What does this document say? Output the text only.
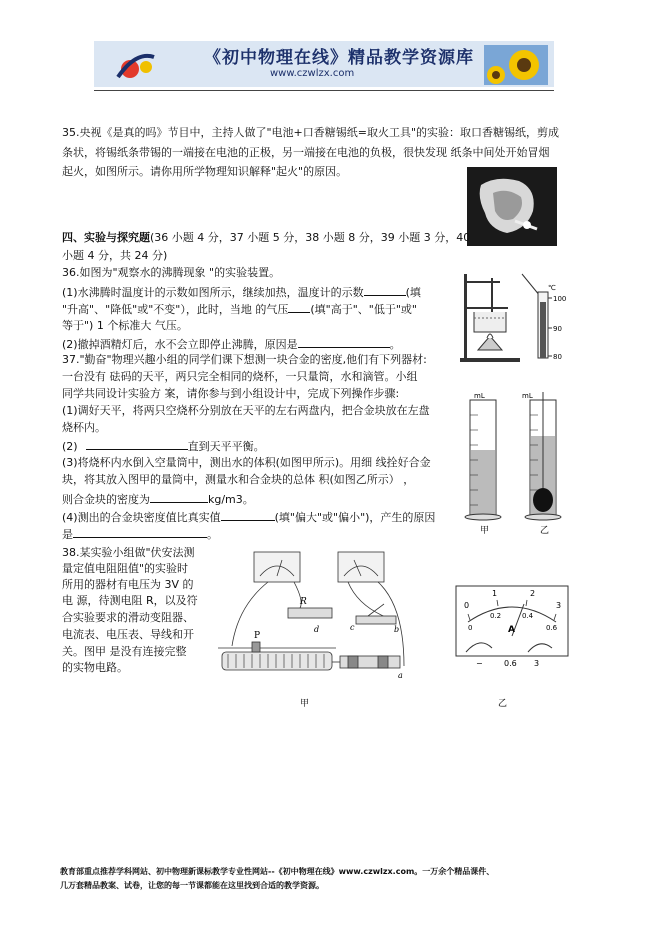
《初中物理在线》精品教学资源库
www.czwlzx.com
35.央视《是真的吗》节目中，主持人做了"电池+口香糖锡纸=取火工具"的实验：取口香糖锡纸，剪成
条状，将锡纸条带锡的一端接在电池的正极，另一端接在电池的负极，很快发现 纸条中间处开始冒烟
起火，如图所示。请你用所学物理知识解释"起火"的原因。
四、实验与探究题(36 小题 4 分，37 小题 5 分，38 小题 8 分，39 小题 3 分，40
小题 4 分，共 24 分)
36.如图为"观察水的沸腾现象 "的实验装置。
(1)水沸腾时温度计的示数如图所示，继续加热，温度计的示数	(填
"升高"、"降低"或"不变"），此时，当地 的气压 (填"高于"、"低于"或"
等于") 1 个标准大 气压。
(2)撤掉酒精灯后，水不会立即停止沸腾，原因是	。
100
90
80
℃
37."勤奋"物理兴趣小组的同学们课下想测一块合金的密度,他们有下列器材:
一台没有 砝码的天平，两只完全相同的烧杯，一只量筒，水和滴管。小组
同学共同设计实验方 案，请你参与到小组设计中，完成下列操作步骤:
(1)调好天平，将两只空烧杯分别放在天平的左右两盘内，把合金块放在左盘
烧杯内。
(2)	直到天平平衡。
(3)将烧杯内水倒入空量筒中，测出水的体积(如图甲所示)。用细 线拴好合金
块，将其放入图甲的量筒中，测量水和合金块的总体 积(如图乙所示） ，
则合金块的密度为	kg/m3。
(4)测出的合金块密度值比真实值	(填"偏大"或"偏小")，产生的原因
是	。
mL	mL
甲	乙
38.某实验小组做"伏安法测
量定值电阻阻值"的实验时
所用的器材有电压为 3V 的
电 源，待测电阻 R，以及符
合实验要求的滑动变阻器、
电流表、电压表、导线和开
关。图甲 是没有连接完整
的实物电路。
R
P
d	c	b
a
甲
0
1	2
3
0
0.2	0.4
0.6
A
−	0.6 3
乙
教育部重点推荐学科网站、初中物理新课标教学专业性网站--《初中物理在线》www.czwlzx.com。一万余个精品课件、
几万套精品教案、试卷，让您的每一节课都能在这里找到合适的教学资源。
